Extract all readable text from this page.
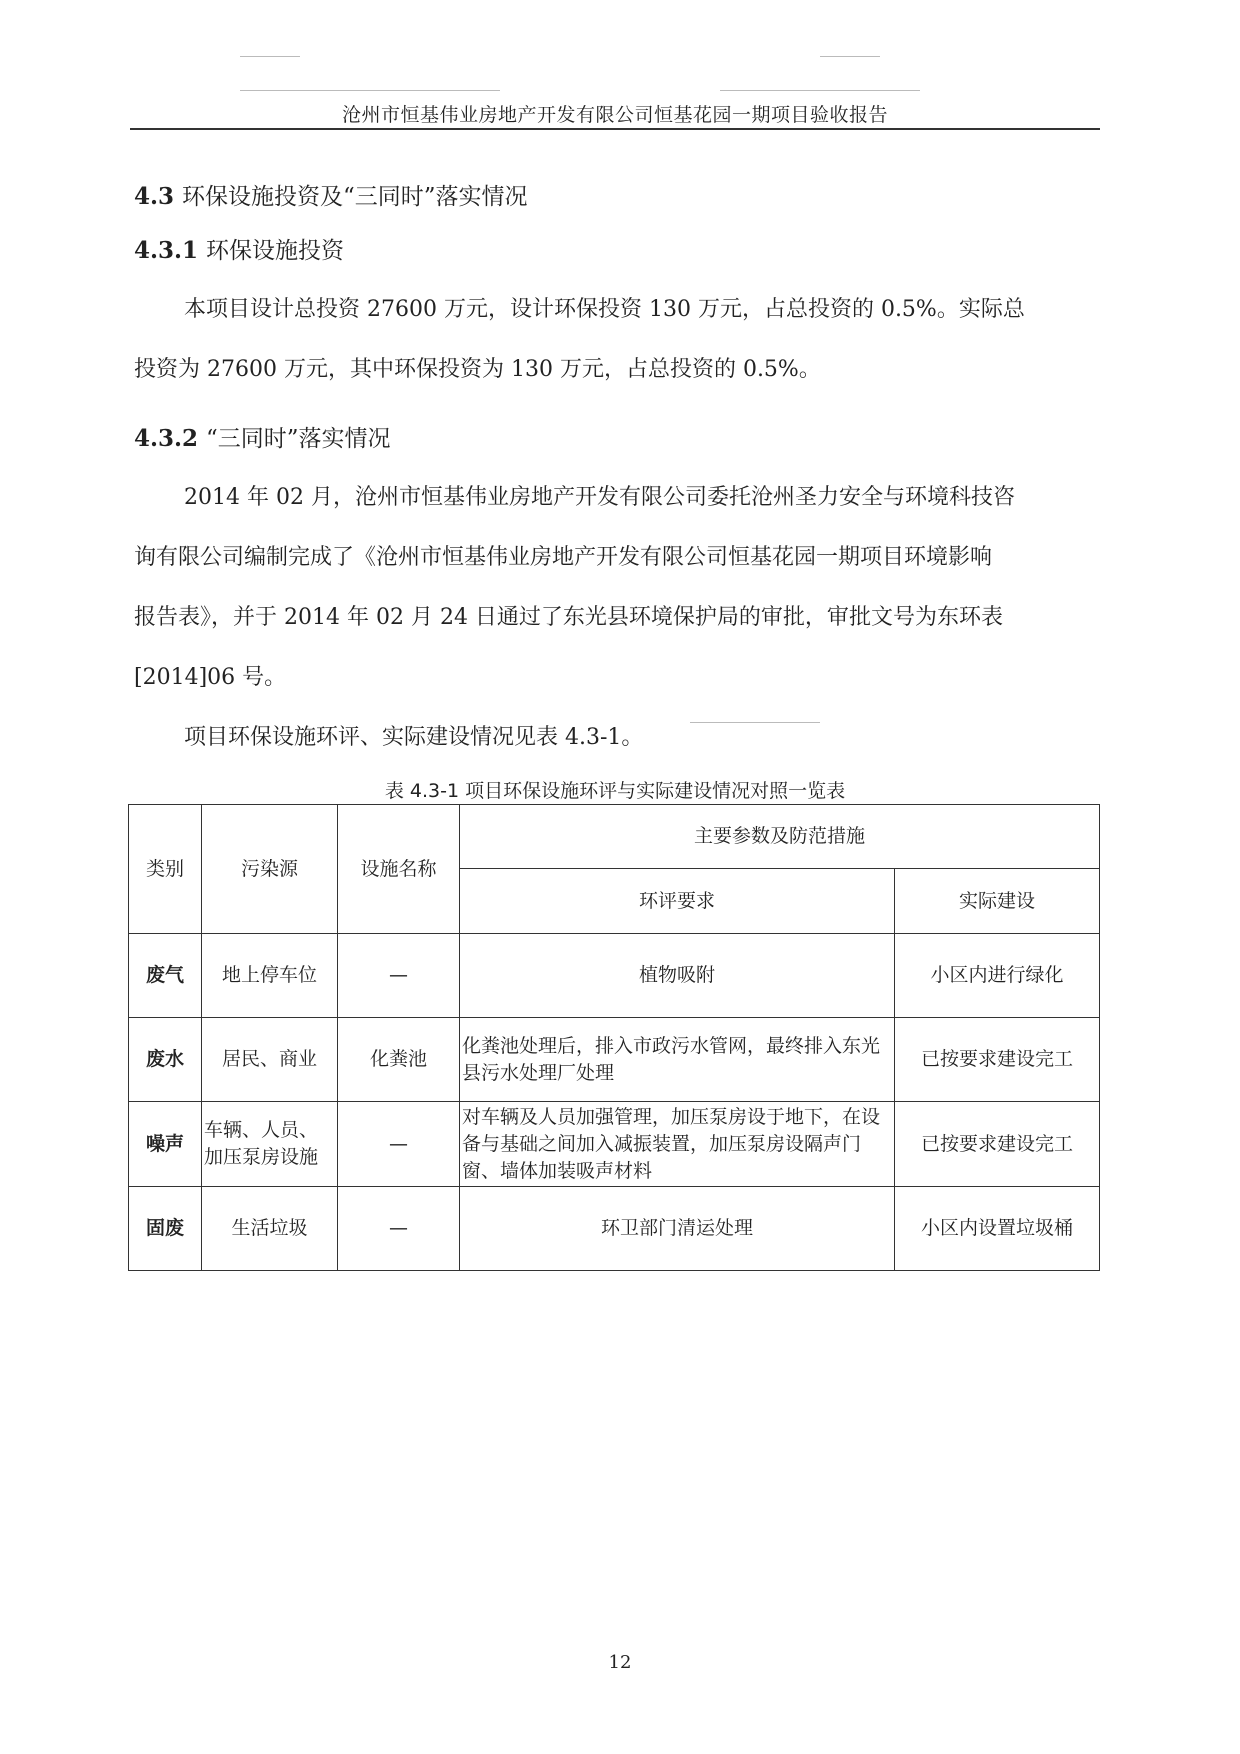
沧州市恒基伟业房地产开发有限公司恒基花园一期项目验收报告
4.3 环保设施投资及“三同时”落实情况
4.3.1 环保设施投资
本项目设计总投资 27600 万元，设计环保投资 130 万元，占总投资的 0.5%。实际总
投资为 27600 万元，其中环保投资为 130 万元，占总投资的 0.5%。
4.3.2 “三同时”落实情况
2014 年 02 月，沧州市恒基伟业房地产开发有限公司委托沧州圣力安全与环境科技咨
询有限公司编制完成了《沧州市恒基伟业房地产开发有限公司恒基花园一期项目环境影响
报告表》，并于 2014 年 02 月 24 日通过了东光县环境保护局的审批，审批文号为东环表
[2014]06 号。
项目环保设施环评、实际建设情况见表 4.3-1。
表 4.3-1 项目环保设施环评与实际建设情况对照一览表
类别	污染源	设施名称	主要参数及防范措施	
			环评要求	实际建设
废气	地上停车位	—	植物吸附	小区内进行绿化
废水	居民、商业	化粪池	化粪池处理后，排入市政污水管网，最终排入东光县污水处理厂处理	已按要求建设完工
噪声	车辆、人员、加压泵房设施	—	对车辆及人员加强管理，加压泵房设于地下，在设备与基础之间加入减振装置，加压泵房设隔声门窗、墙体加装吸声材料	已按要求建设完工
固废	生活垃圾	—	环卫部门清运处理	小区内设置垃圾桶
12
